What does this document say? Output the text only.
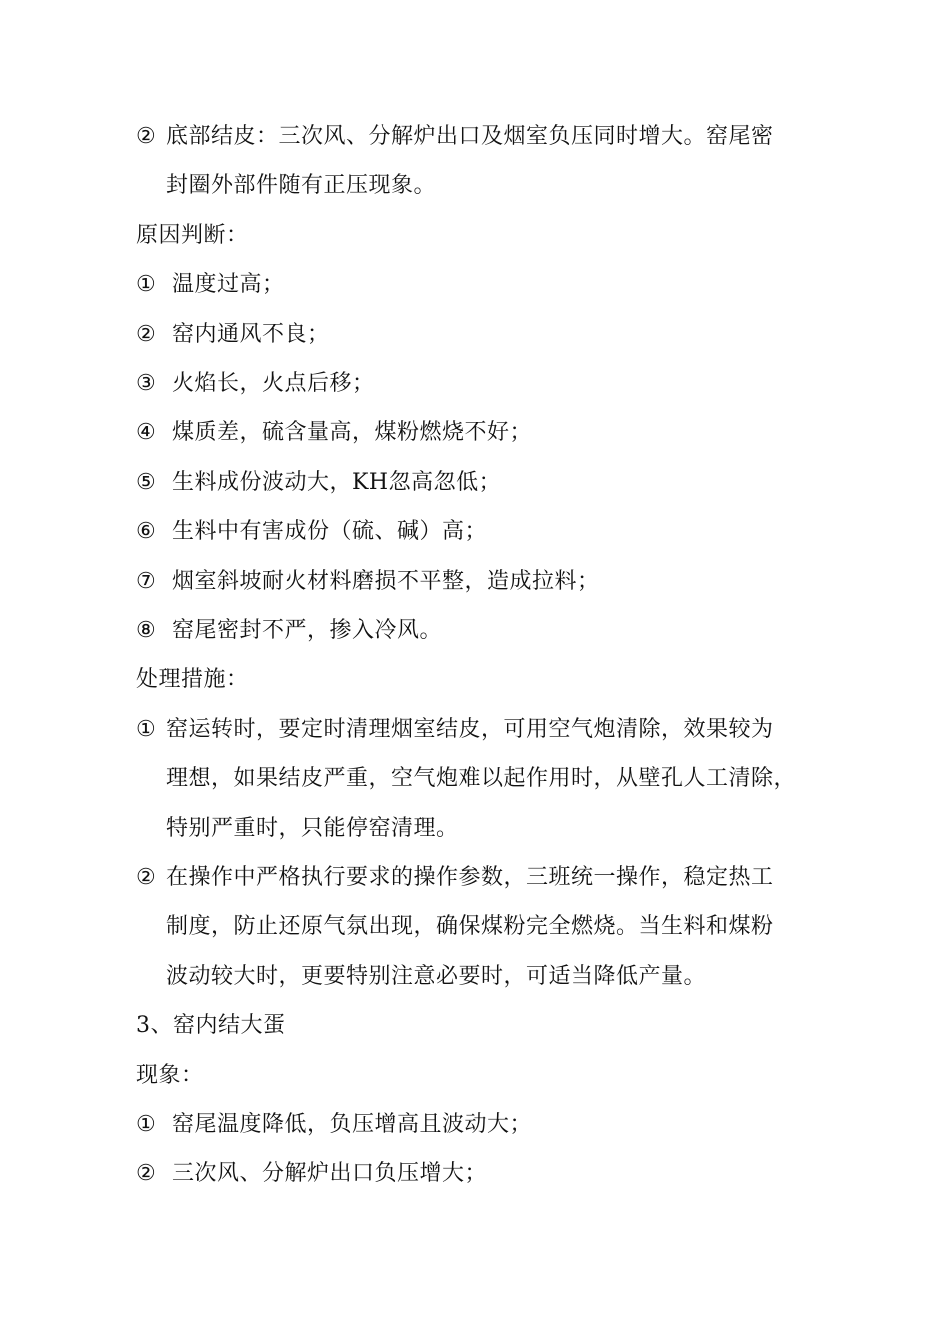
② 底部结皮：三次风、分解炉出口及烟室负压同时增大。窑尾密
封圈外部件随有正压现象。
原因判断：
① 温度过高；
② 窑内通风不良；
③ 火焰长，火点后移；
④ 煤质差，硫含量高，煤粉燃烧不好；
⑤ 生料成份波动大，KH忽高忽低；
⑥ 生料中有害成份（硫、碱）高；
⑦ 烟室斜坡耐火材料磨损不平整，造成拉料；
⑧ 窑尾密封不严，掺入冷风。
处理措施：
① 窑运转时，要定时清理烟室结皮，可用空气炮清除，效果较为
理想，如果结皮严重，空气炮难以起作用时，从壁孔人工清除，
特别严重时，只能停窑清理。
② 在操作中严格执行要求的操作参数，三班统一操作，稳定热工
制度，防止还原气氛出现，确保煤粉完全燃烧。当生料和煤粉
波动较大时，更要特别注意必要时，可适当降低产量。
3、窑内结大蛋
现象：
① 窑尾温度降低，负压增高且波动大；
② 三次风、分解炉出口负压增大；
